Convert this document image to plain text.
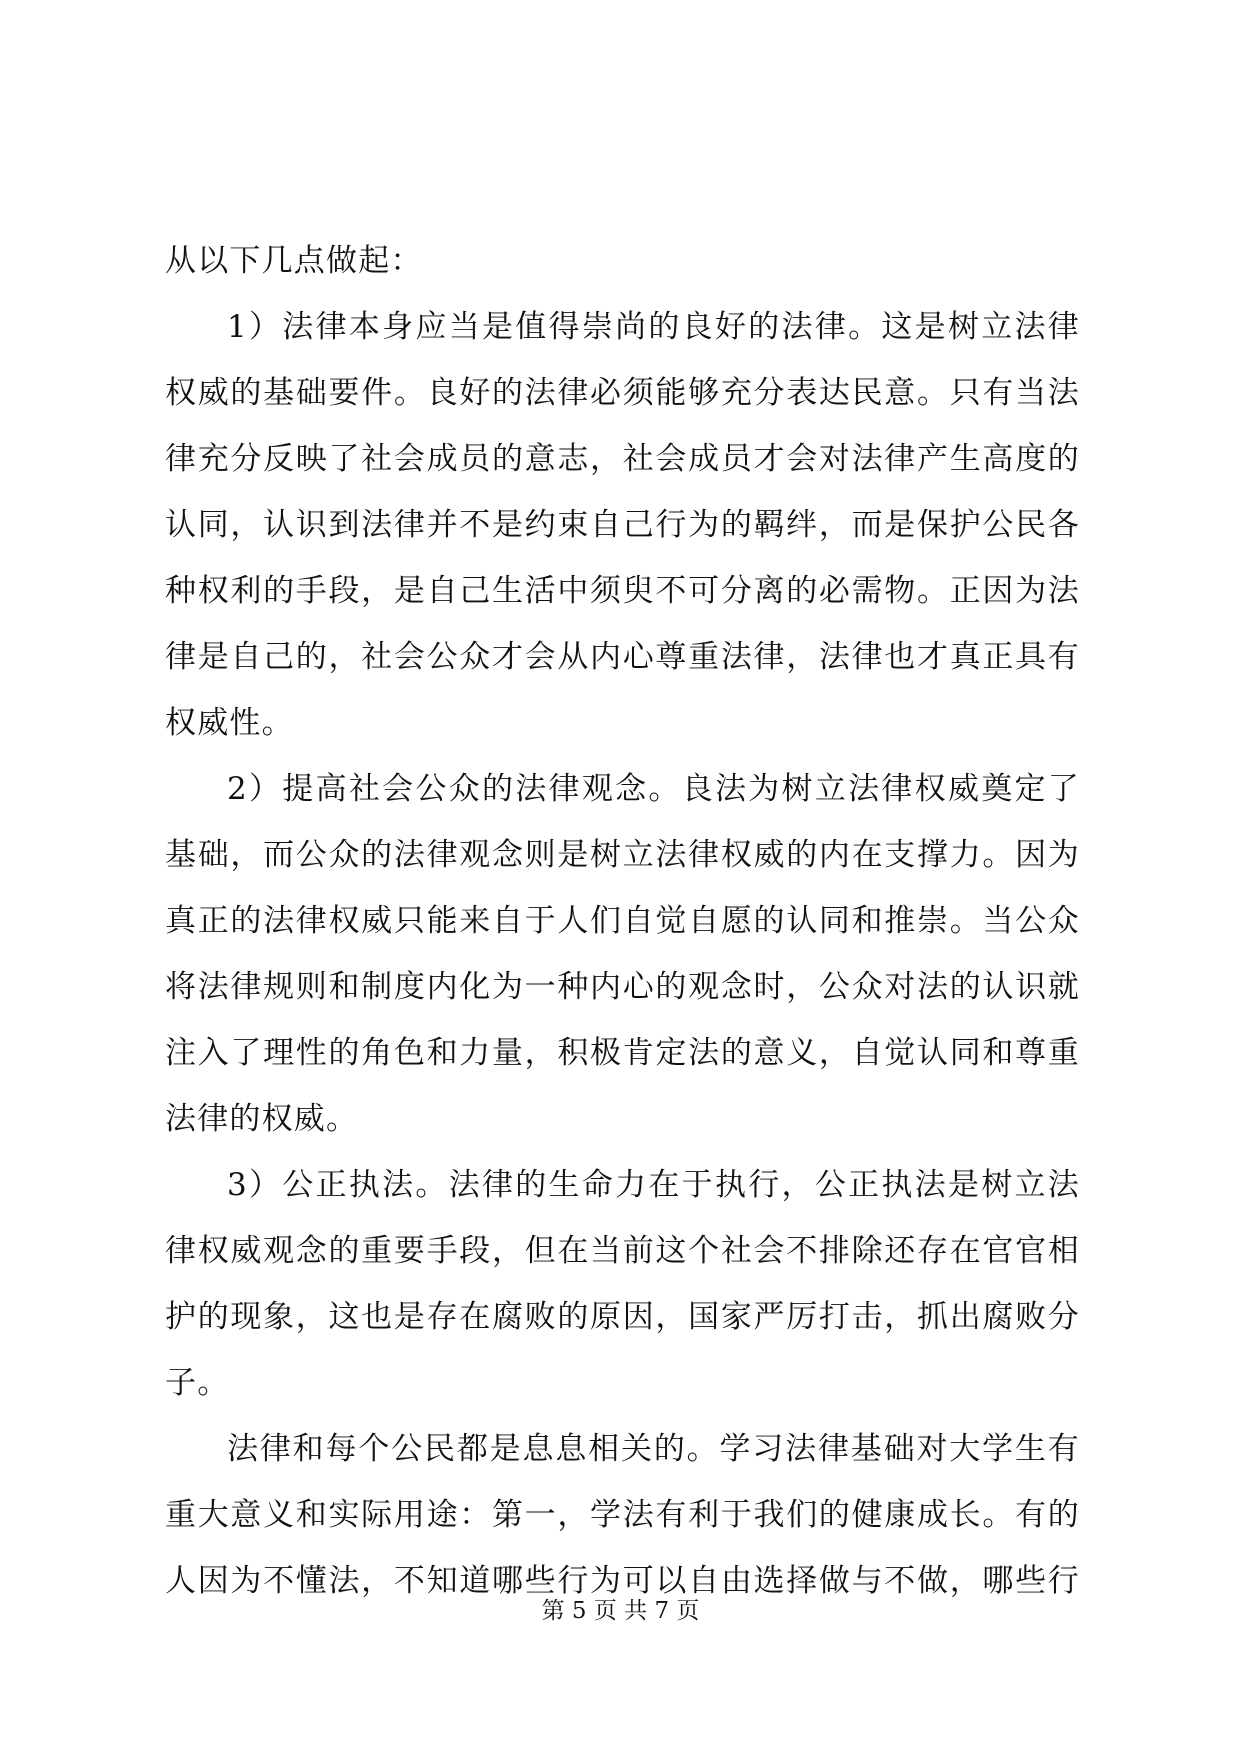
从以下几点做起：
1）法律本身应当是值得崇尚的良好的法律。这是树立法律
权威的基础要件。良好的法律必须能够充分表达民意。只有当法
律充分反映了社会成员的意志，社会成员才会对法律产生高度的
认同，认识到法律并不是约束自己行为的羁绊，而是保护公民各
种权利的手段，是自己生活中须臾不可分离的必需物。正因为法
律是自己的，社会公众才会从内心尊重法律，法律也才真正具有
权威性。
2）提高社会公众的法律观念。良法为树立法律权威奠定了
基础，而公众的法律观念则是树立法律权威的内在支撑力。因为
真正的法律权威只能来自于人们自觉自愿的认同和推崇。当公众
将法律规则和制度内化为一种内心的观念时，公众对法的认识就
注入了理性的角色和力量，积极肯定法的意义，自觉认同和尊重
法律的权威。
3）公正执法。法律的生命力在于执行，公正执法是树立法
律权威观念的重要手段，但在当前这个社会不排除还存在官官相
护的现象，这也是存在腐败的原因，国家严厉打击，抓出腐败分
子。
法律和每个公民都是息息相关的。学习法律基础对大学生有
重大意义和实际用途：第一，学法有利于我们的健康成长。有的
人因为不懂法，不知道哪些行为可以自由选择做与不做，哪些行
第 5 页 共 7 页
